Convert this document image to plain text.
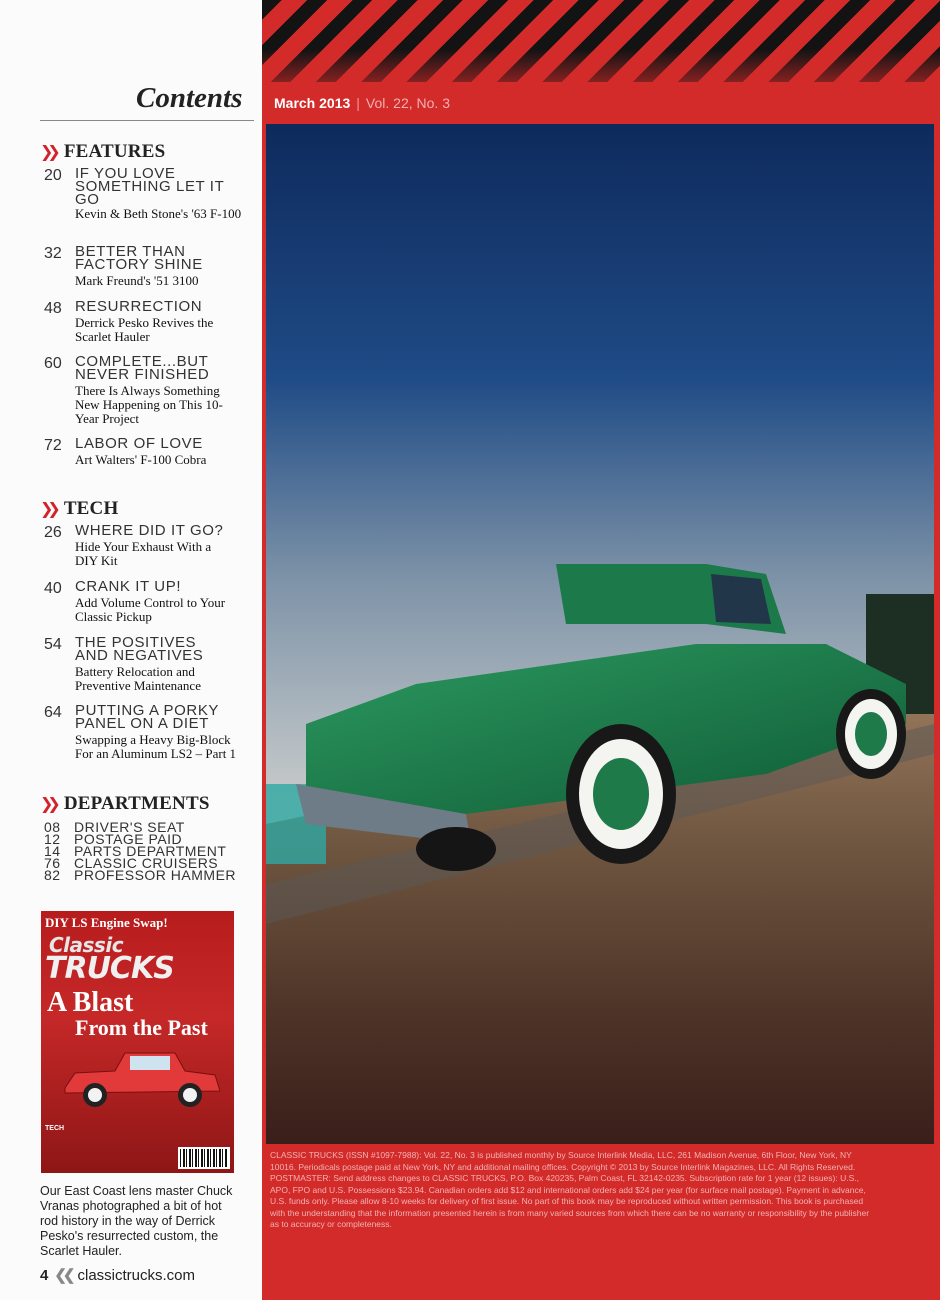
Contents
❯❯ FEATURES
20 IF YOU LOVE SOMETHING LET IT GO
Kevin & Beth Stone's '63 F-100
32 BETTER THAN FACTORY SHINE
Mark Freund's '51 3100
48 RESURRECTION
Derrick Pesko Revives the Scarlet Hauler
60 COMPLETE...BUT NEVER FINISHED
There Is Always Something New Happening on This 10-Year Project
72 LABOR OF LOVE
Art Walters' F-100 Cobra
❯❯ TECH
26 WHERE DID IT GO?
Hide Your Exhaust With a DIY Kit
40 CRANK IT UP!
Add Volume Control to Your Classic Pickup
54 THE POSITIVES AND NEGATIVES
Battery Relocation and Preventive Maintenance
64 PUTTING A PORKY PANEL ON A DIET
Swapping a Heavy Big-Block For an Aluminum LS2 – Part 1
❯❯ DEPARTMENTS
08 DRIVER'S SEAT
12 POSTAGE PAID
14 PARTS DEPARTMENT
76 CLASSIC CRUISERS
82 PROFESSOR HAMMER
DIY LS Engine Swap!
Classic
TRUCKS
A Blast
From the Past
TECH
Our East Coast lens master Chuck Vranas photographed a bit of hot rod history in the way of Derrick Pesko's resurrected custom, the Scarlet Hauler.
4 ❮❮ classictrucks.com
March 2013 | Vol. 22, No. 3
CLASSIC TRUCKS (ISSN #1097-7988): Vol. 22, No. 3 is published monthly by Source Interlink Media, LLC, 261 Madison Avenue, 6th Floor, New York, NY 10016. Periodicals postage paid at New York, NY and additional mailing offices. Copyright © 2013 by Source Interlink Magazines, LLC. All Rights Reserved. POSTMASTER: Send address changes to CLASSIC TRUCKS, P.O. Box 420235, Palm Coast, FL 32142-0235. Subscription rate for 1 year (12 issues): U.S., APO, FPO and U.S. Possessions $23.94. Canadian orders add $12 and international orders add $24 per year (for surface mail postage). Payment in advance, U.S. funds only. Please allow 8-10 weeks for delivery of first issue. No part of this book may be reproduced without written permission. This book is purchased with the understanding that the information presented herein is from many varied sources from which there can be no warranty or responsibility by the publisher as to accuracy or completeness.
